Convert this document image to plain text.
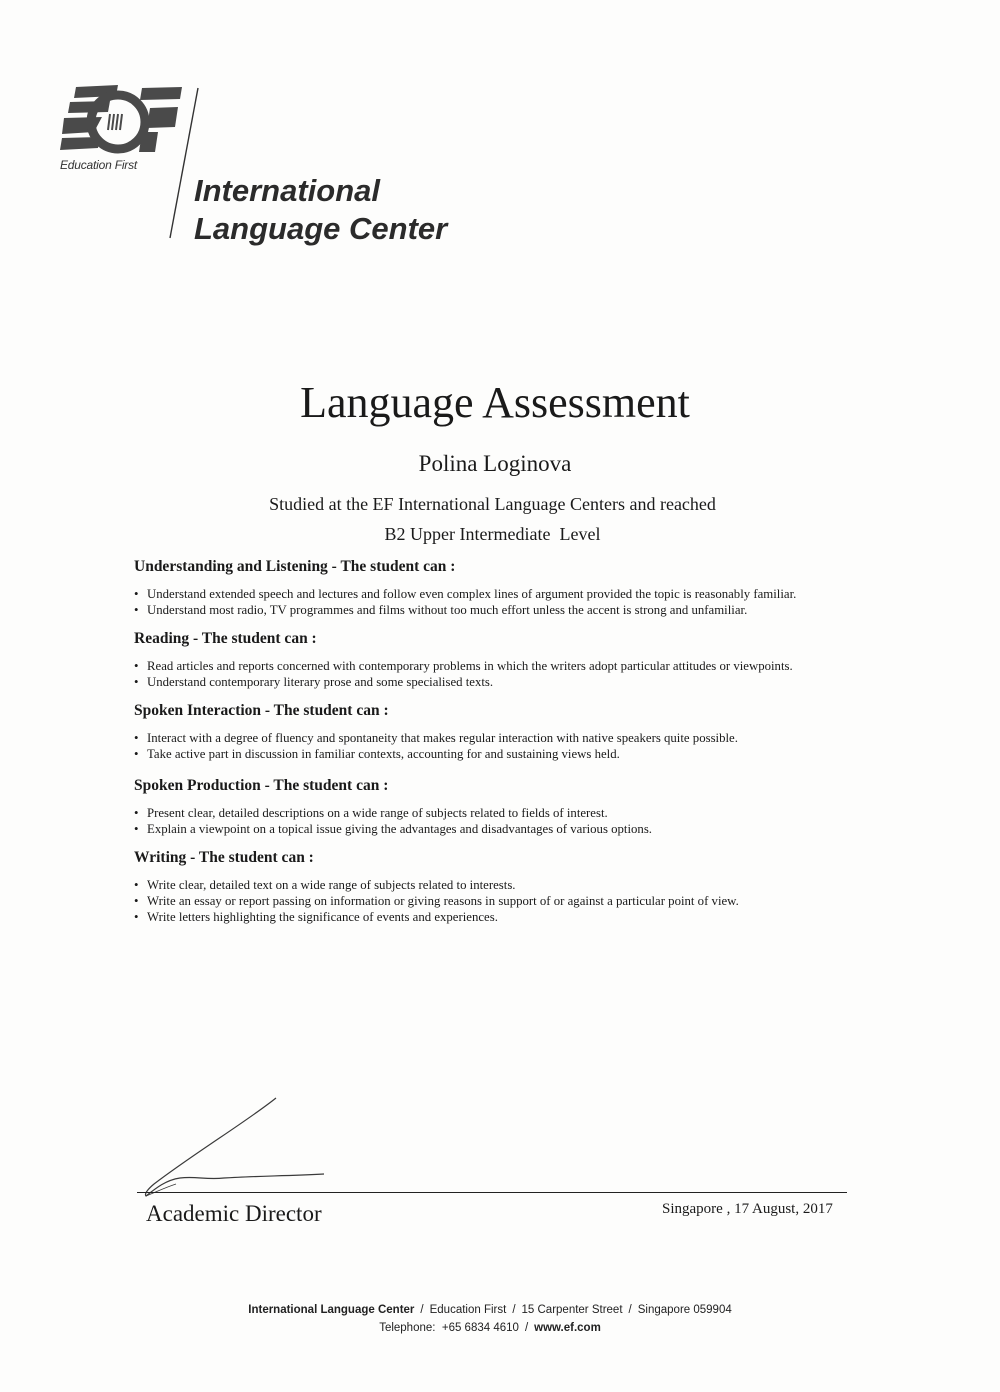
Education First
International
Language Center
Language Assessment
Polina Loginova
Studied at the EF International Language Centers and reached
B2 Upper Intermediate  Level
Understanding and Listening - The student can :
• Understand extended speech and lectures and follow even complex lines of argument provided the topic is reasonably familiar.
• Understand most radio, TV programmes and films without too much effort unless the accent is strong and unfamiliar.
Reading - The student can :
• Read articles and reports concerned with contemporary problems in which the writers adopt particular attitudes or viewpoints.
• Understand contemporary literary prose and some specialised texts.
Spoken Interaction - The student can :
• Interact with a degree of fluency and spontaneity that makes regular interaction with native speakers quite possible.
• Take active part in discussion in familiar contexts, accounting for and sustaining views held.
Spoken Production - The student can :
• Present clear, detailed descriptions on a wide range of subjects related to fields of interest.
• Explain a viewpoint on a topical issue giving the advantages and disadvantages of various options.
Writing - The student can :
• Write clear, detailed text on a wide range of subjects related to interests.
• Write an essay or report passing on information or giving reasons in support of or against a particular point of view.
• Write letters highlighting the significance of events and experiences.
Academic Director	Singapore , 17 August, 2017
International Language Center / Education First / 15 Carpenter Street / Singapore 059904
Telephone: +65 6834 4610 / www.ef.com
